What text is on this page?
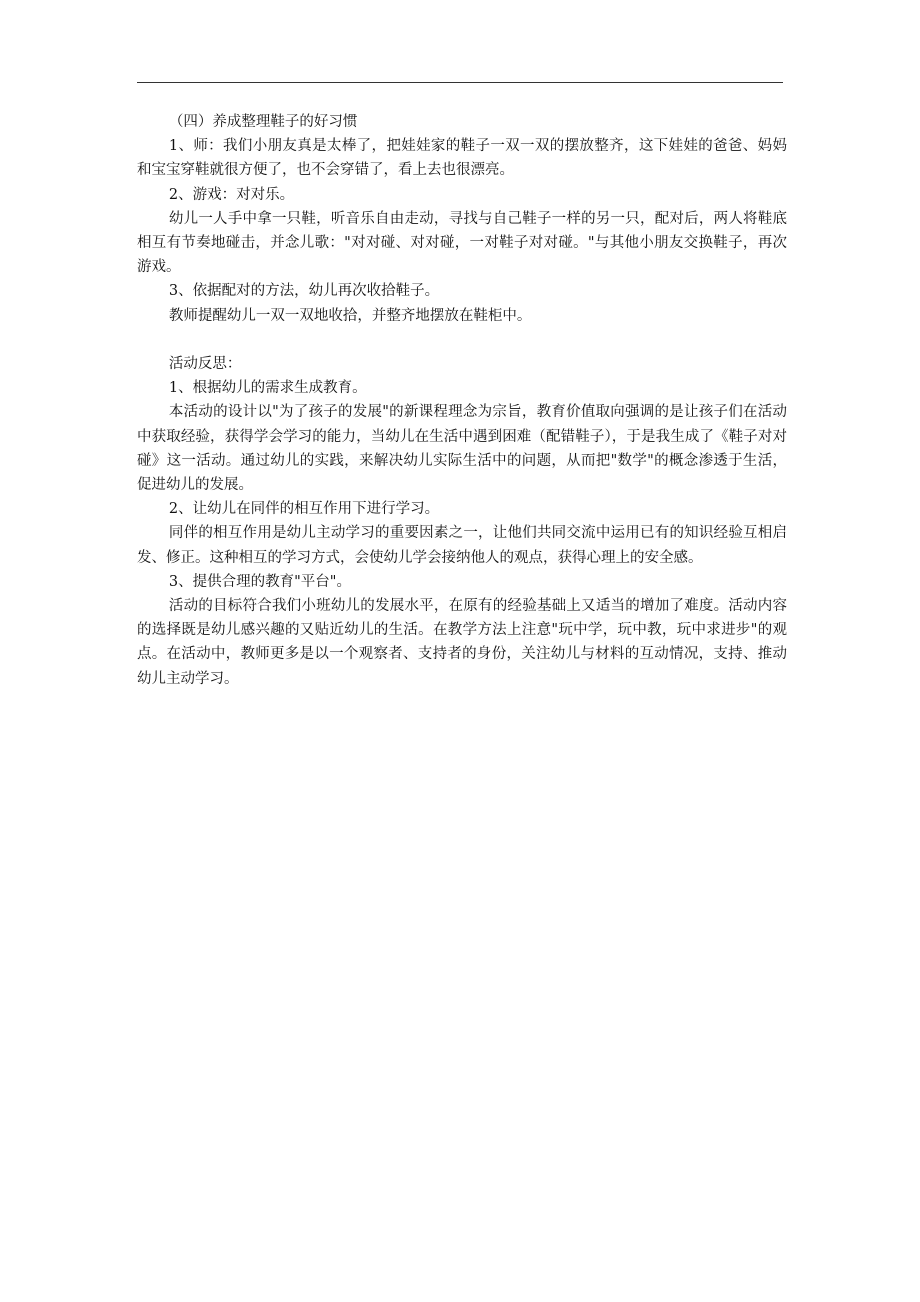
（四）养成整理鞋子的好习惯

1、师：我们小朋友真是太棒了，把娃娃家的鞋子一双一双的摆放整齐，这下娃娃的爸爸、妈妈和宝宝穿鞋就很方便了，也不会穿错了，看上去也很漂亮。

2、游戏：对对乐。

幼儿一人手中拿一只鞋，听音乐自由走动，寻找与自己鞋子一样的另一只，配对后，两人将鞋底相互有节奏地碰击，并念儿歌："对对碰、对对碰，一对鞋子对对碰。"与其他小朋友交换鞋子，再次游戏。

3、依据配对的方法，幼儿再次收拾鞋子。

教师提醒幼儿一双一双地收拾，并整齐地摆放在鞋柜中。

活动反思：

1、根据幼儿的需求生成教育。

本活动的设计以"为了孩子的发展"的新课程理念为宗旨，教育价值取向强调的是让孩子们在活动中获取经验，获得学会学习的能力，当幼儿在生活中遇到困难（配错鞋子），于是我生成了《鞋子对对碰》这一活动。通过幼儿的实践，来解决幼儿实际生活中的问题，从而把"数学"的概念渗透于生活，促进幼儿的发展。

2、让幼儿在同伴的相互作用下进行学习。

同伴的相互作用是幼儿主动学习的重要因素之一，让他们共同交流中运用已有的知识经验互相启发、修正。这种相互的学习方式，会使幼儿学会接纳他人的观点，获得心理上的安全感。

3、提供合理的教育"平台"。

活动的目标符合我们小班幼儿的发展水平，在原有的经验基础上又适当的增加了难度。活动内容的选择既是幼儿感兴趣的又贴近幼儿的生活。在教学方法上注意"玩中学，玩中教，玩中求进步"的观点。在活动中，教师更多是以一个观察者、支持者的身份，关注幼儿与材料的互动情况，支持、推动幼儿主动学习。
